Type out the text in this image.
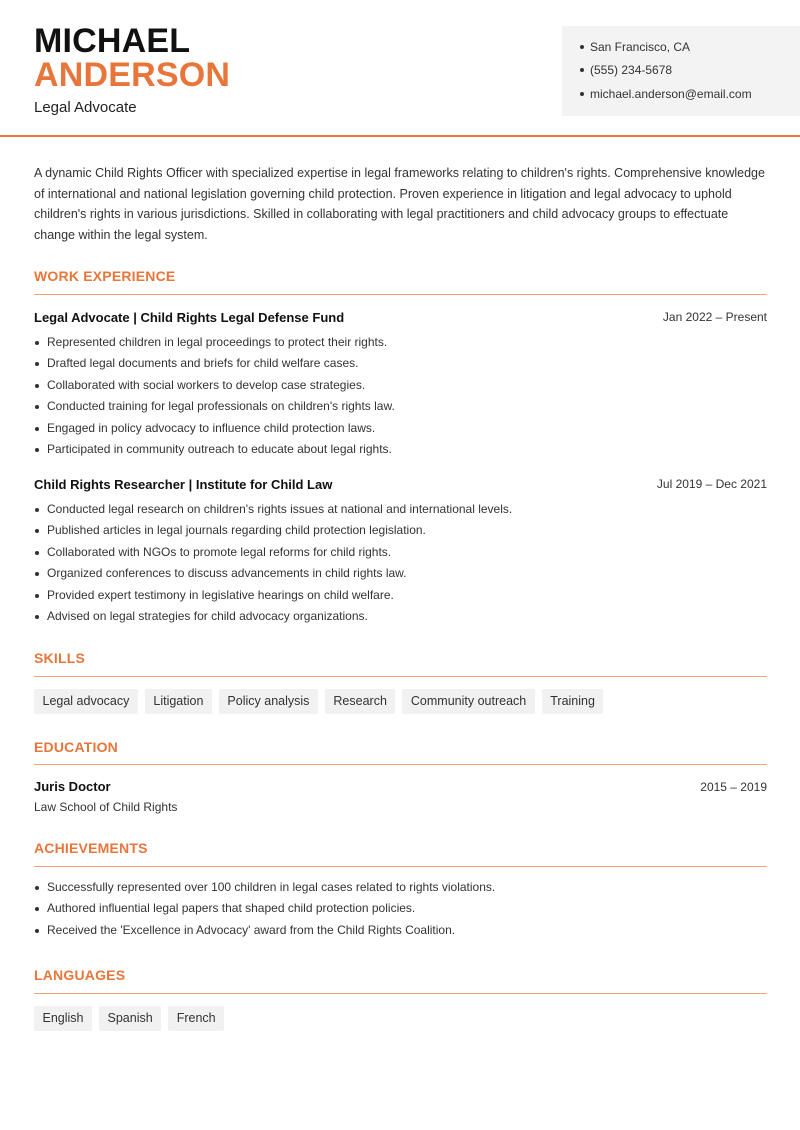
MICHAEL
ANDERSON
Legal Advocate
San Francisco, CA
(555) 234-5678
michael.anderson@email.com
A dynamic Child Rights Officer with specialized expertise in legal frameworks relating to children's rights. Comprehensive knowledge of international and national legislation governing child protection. Proven experience in litigation and legal advocacy to uphold children's rights in various jurisdictions. Skilled in collaborating with legal practitioners and child advocacy groups to effectuate change within the legal system.
WORK EXPERIENCE
Legal Advocate | Child Rights Legal Defense Fund	Jan 2022 – Present
Represented children in legal proceedings to protect their rights.
Drafted legal documents and briefs for child welfare cases.
Collaborated with social workers to develop case strategies.
Conducted training for legal professionals on children's rights law.
Engaged in policy advocacy to influence child protection laws.
Participated in community outreach to educate about legal rights.
Child Rights Researcher | Institute for Child Law	Jul 2019 – Dec 2021
Conducted legal research on children's rights issues at national and international levels.
Published articles in legal journals regarding child protection legislation.
Collaborated with NGOs to promote legal reforms for child rights.
Organized conferences to discuss advancements in child rights law.
Provided expert testimony in legislative hearings on child welfare.
Advised on legal strategies for child advocacy organizations.
SKILLS
Legal advocacy	Litigation	Policy analysis	Research	Community outreach	Training
EDUCATION
Juris Doctor
Law School of Child Rights
2015 – 2019
ACHIEVEMENTS
Successfully represented over 100 children in legal cases related to rights violations.
Authored influential legal papers that shaped child protection policies.
Received the 'Excellence in Advocacy' award from the Child Rights Coalition.
LANGUAGES
English	Spanish	French
